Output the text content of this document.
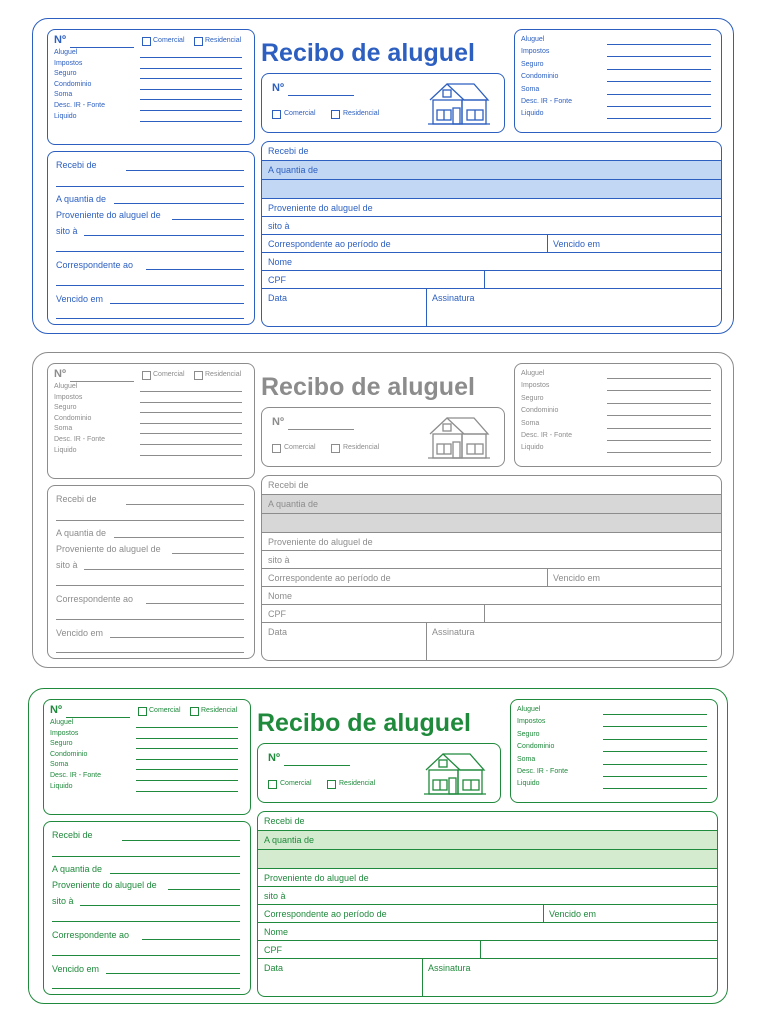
Nº	Comercial	Residencial
Aluguel
Impostos
Seguro
Condominio
Soma
Desc. IR - Fonte
Liquido
Recebi de
A quantia de
Proveniente do aluguel de
sito à
Correspondente ao
Vencido em
Recibo de aluguel
Nº
Comercial	Residencial
Aluguel
Impostos
Seguro
Condominio
Soma
Desc. IR - Fonte
Liquido
Recebi de
A quantia de
Proveniente do aluguel de
sito à
Correspondente ao período de	Vencido em
Nome
CPF
Data	Assinatura
Nº	Comercial	Residencial
Aluguel
Impostos
Seguro
Condominio
Soma
Desc. IR - Fonte
Liquido
Recebi de
A quantia de
Proveniente do aluguel de
sito à
Correspondente ao
Vencido em
Recibo de aluguel
Nº
Comercial	Residencial
Aluguel
Impostos
Seguro
Condominio
Soma
Desc. IR - Fonte
Liquido
Recebi de
A quantia de
Proveniente do aluguel de
sito à
Correspondente ao período de	Vencido em
Nome
CPF
Data	Assinatura
Nº	Comercial	Residencial
Aluguel
Impostos
Seguro
Condominio
Soma
Desc. IR - Fonte
Liquido
Recebi de
A quantia de
Proveniente do aluguel de
sito à
Correspondente ao
Vencido em
Recibo de aluguel
Nº
Comercial	Residencial
Aluguel
Impostos
Seguro
Condominio
Soma
Desc. IR - Fonte
Liquido
Recebi de
A quantia de
Proveniente do aluguel de
sito à
Correspondente ao período de	Vencido em
Nome
CPF
Data	Assinatura
